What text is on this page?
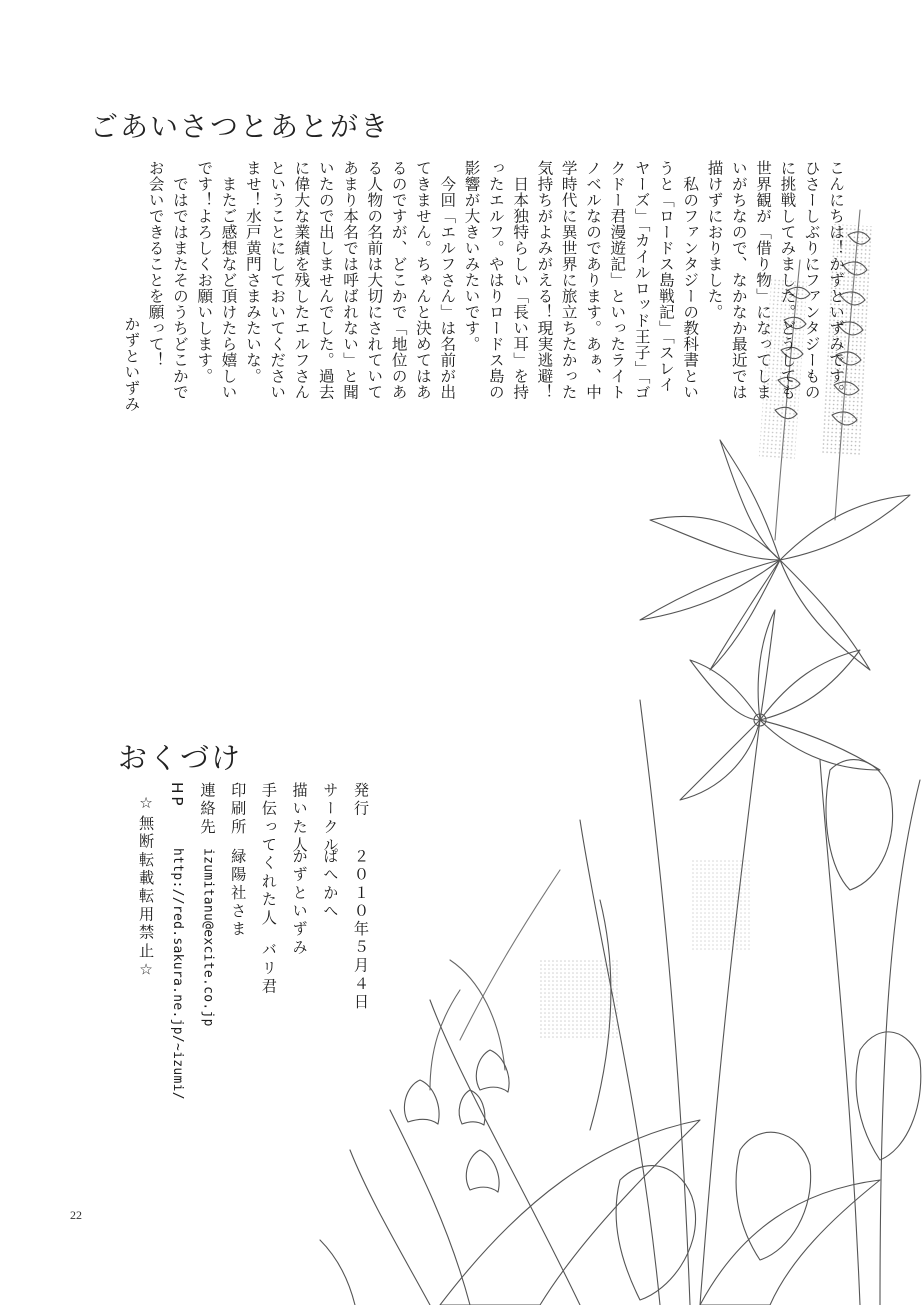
ごあいさつとあとがき
こんにちは！かずといずみです。
ひさーしぶりにファンタジーもの
に挑戦してみました。どうしても
世界観が「借り物」になってしま
いがちなので、なかなか最近では
描けずにおりました。
　私のファンタジーの教科書とい
うと「ロードス島戦記」「スレイ
ヤーズ」「カイルロッド王子」「ゴ
クドー君漫遊記」といったライト
ノベルなのであります。あぁ、中
学時代に異世界に旅立ちたかった
気持ちがよみがえる！現実逃避！
　日本独特らしい「長い耳」を持
ったエルフ。やはりロードス島の
影響が大きいみたいです。
　今回「エルフさん」は名前が出
てきません。ちゃんと決めてはあ
るのですが、どこかで「地位のあ
る人物の名前は大切にされていて
あまり本名では呼ばれない」と聞
いたので出しませんでした。過去
に偉大な業績を残したエルフさん
ということにしておいてください
ませ！水戸黄門さまみたいな。
　またご感想など頂けたら嬉しい
です！よろしくお願いします。
　ではではまたそのうちどこかで
お会いできることを願って！
かずといずみ
おくづけ
発行２０１０年５月４日
サークルぱへかへ
描いた人かずといずみ
手伝ってくれた人バリ君
印刷所緑陽社さま
連絡先izumitanu@excite.co.jp
HPhttp://red.sakura.ne.jp/~izumi/
☆無断転載転用禁止☆
22
